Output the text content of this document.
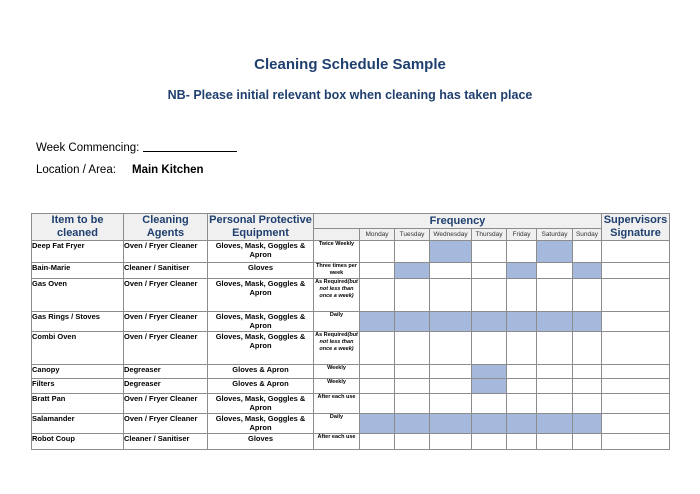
Cleaning Schedule Sample
NB- Please initial relevant box when cleaning has taken place
Week Commencing:
Location / Area: Main Kitchen
Item to be cleaned	Cleaning Agents	Personal Protective Equipment	Frequency								Supervisors Signature
				Monday	Tuesday	Wednesday	Thursday	Friday	Saturday	Sunday	
Deep Fat Fryer	Oven / Fryer Cleaner	Gloves, Mask, Goggles & Apron	Twice Weekly								
Bain-Marie	Cleaner / Sanitiser	Gloves	Three times per week								
Gas Oven	Oven / Fryer Cleaner	Gloves, Mask, Goggles & Apron	As Required(but not less than once a week)								
Gas Rings / Stoves	Oven / Fryer Cleaner	Gloves, Mask, Goggles & Apron	Daily								
Combi Oven	Oven / Fryer Cleaner	Gloves, Mask, Goggles & Apron	As Required(but not less than once a week)								
Canopy	Degreaser	Gloves & Apron	Weekly								
Filters	Degreaser	Gloves & Apron	Weekly								
Bratt Pan	Oven / Fryer Cleaner	Gloves, Mask, Goggles & Apron	After each use								
Salamander	Oven / Fryer Cleaner	Gloves, Mask, Goggles & Apron	Daily								
Robot Coup	Cleaner / Sanitiser	Gloves	After each use								
